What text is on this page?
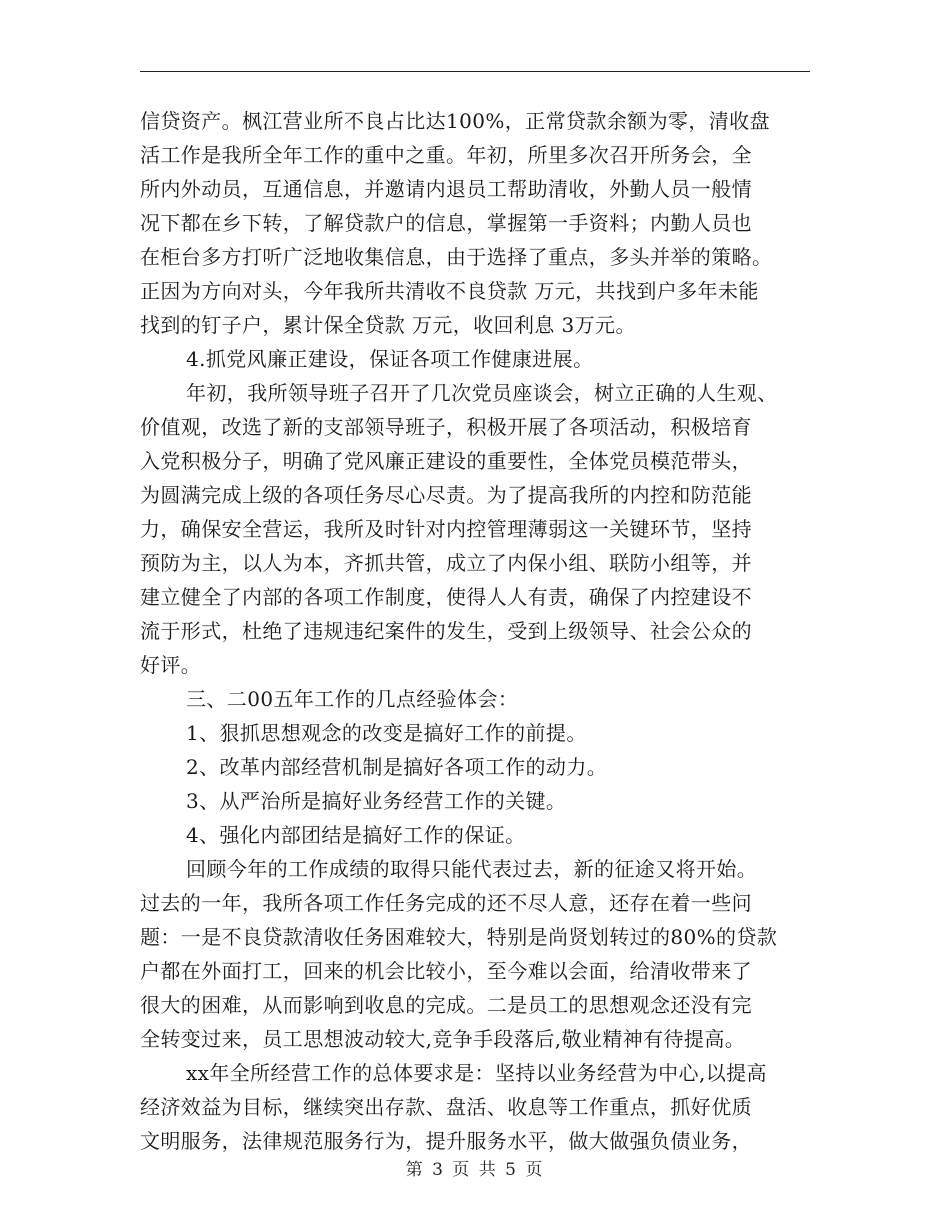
信贷资产。枫江营业所不良占比达100%，正常贷款余额为零，清收盘
活工作是我所全年工作的重中之重。年初，所里多次召开所务会，全
所内外动员，互通信息，并邀请内退员工帮助清收，外勤人员一般情
况下都在乡下转，了解贷款户的信息，掌握第一手资料；内勤人员也
在柜台多方打听广泛地收集信息，由于选择了重点，多头并举的策略。
正因为方向对头，今年我所共清收不良贷款 万元，共找到户多年未能
找到的钉子户，累计保全贷款 万元，收回利息 3万元。
4.抓党风廉正建设，保证各项工作健康进展。
年初，我所领导班子召开了几次党员座谈会，树立正确的人生观、
价值观，改选了新的支部领导班子，积极开展了各项活动，积极培育
入党积极分子，明确了党风廉正建设的重要性，全体党员模范带头，
为圆满完成上级的各项任务尽心尽责。为了提高我所的内控和防范能
力，确保安全营运，我所及时针对内控管理薄弱这一关键环节，坚持
预防为主，以人为本，齐抓共管，成立了内保小组、联防小组等，并
建立健全了内部的各项工作制度，使得人人有责，确保了内控建设不
流于形式，杜绝了违规违纪案件的发生，受到上级领导、社会公众的
好评。
三、二00五年工作的几点经验体会：
1、狠抓思想观念的改变是搞好工作的前提。
2、改革内部经营机制是搞好各项工作的动力。
3、从严治所是搞好业务经营工作的关键。
4、强化内部团结是搞好工作的保证。
回顾今年的工作成绩的取得只能代表过去，新的征途又将开始。
过去的一年，我所各项工作任务完成的还不尽人意，还存在着一些问
题：一是不良贷款清收任务困难较大，特别是尚贤划转过的80%的贷款
户都在外面打工，回来的机会比较小，至今难以会面，给清收带来了
很大的困难，从而影响到收息的完成。二是员工的思想观念还没有完
全转变过来，员工思想波动较大,竞争手段落后,敬业精神有待提高。
xx年全所经营工作的总体要求是：坚持以业务经营为中心,以提高
经济效益为目标，继续突出存款、盘活、收息等工作重点，抓好优质
文明服务，法律规范服务行为，提升服务水平，做大做强负债业务，
第 3 页 共 5 页
